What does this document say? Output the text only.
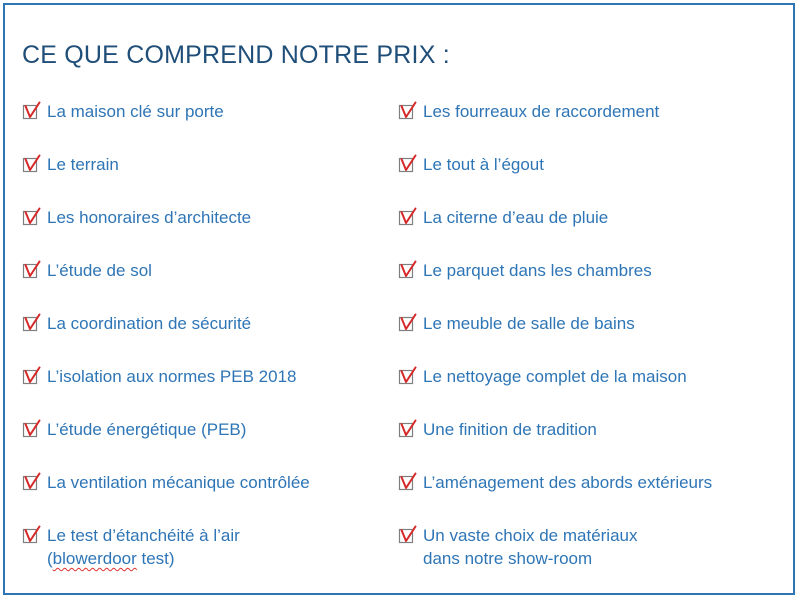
CE QUE COMPREND NOTRE PRIX :
La maison clé sur porte
Le terrain
Les honoraires d’architecte
L’étude de sol
La coordination de sécurité
L’isolation aux normes PEB 2018
L’étude énergétique (PEB)
La ventilation mécanique contrôlée
Le test d’étanchéité à l’air
(blowerdoor test)
Les fourreaux de raccordement
Le tout à l’égout
La citerne d’eau de pluie
Le parquet dans les chambres
Le meuble de salle de bains
Le nettoyage complet de la maison
Une finition de tradition
L’aménagement des abords extérieurs
Un vaste choix de matériaux
dans notre show-room
